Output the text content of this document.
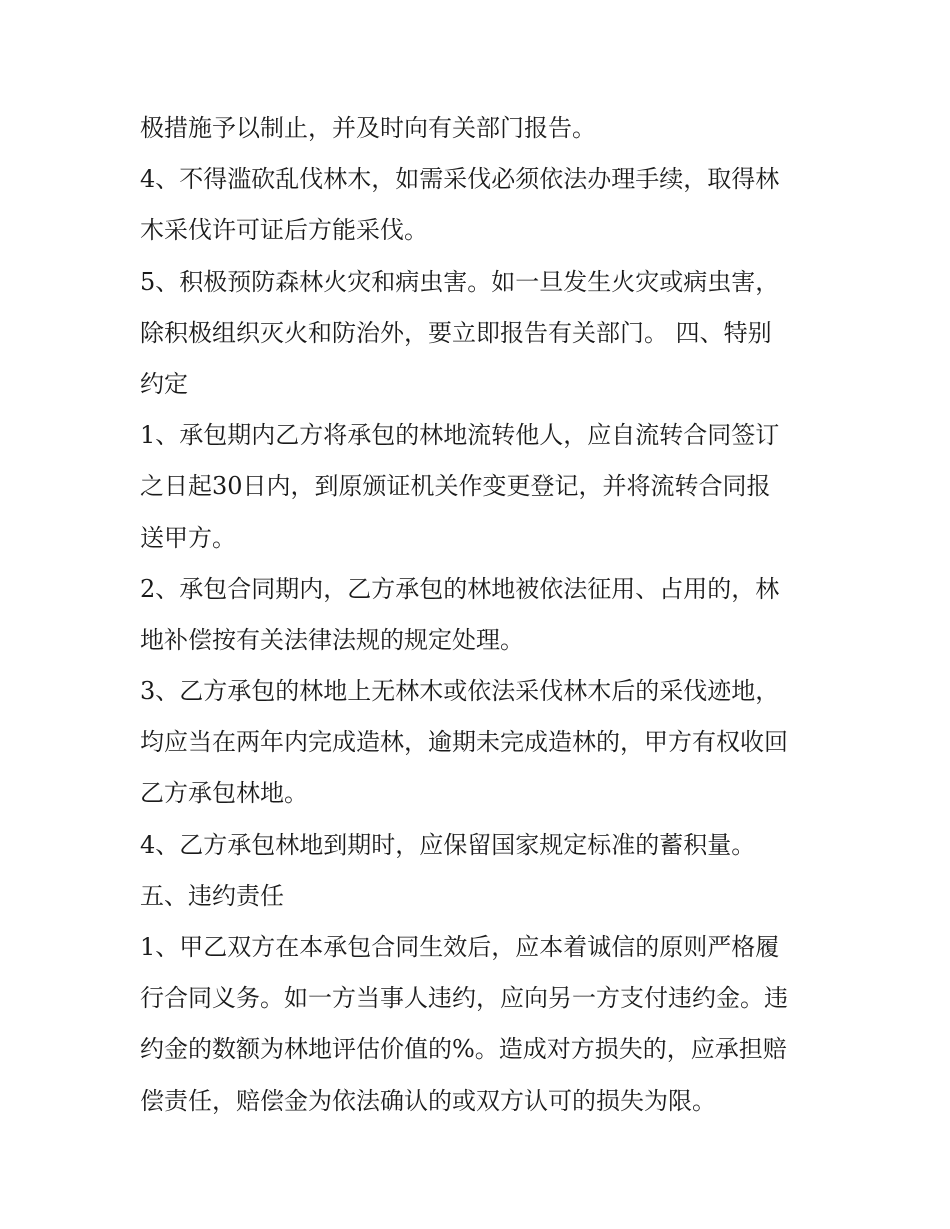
极措施予以制止，并及时向有关部门报告。
4、不得滥砍乱伐林木，如需采伐必须依法办理手续，取得林
木采伐许可证后方能采伐。
5、积极预防森林火灾和病虫害。如一旦发生火灾或病虫害，
除积极组织灭火和防治外，要立即报告有关部门。 四、特别
约定
1、承包期内乙方将承包的林地流转他人，应自流转合同签订
之日起30日内，到原颁证机关作变更登记，并将流转合同报
送甲方。
2、承包合同期内，乙方承包的林地被依法征用、占用的，林
地补偿按有关法律法规的规定处理。
3、乙方承包的林地上无林木或依法采伐林木后的采伐迹地，
均应当在两年内完成造林，逾期未完成造林的，甲方有权收回
乙方承包林地。
4、乙方承包林地到期时，应保留国家规定标准的蓄积量。
五、违约责任
1、甲乙双方在本承包合同生效后，应本着诚信的原则严格履
行合同义务。如一方当事人违约，应向另一方支付违约金。违
约金的数额为林地评估价值的%。造成对方损失的，应承担赔
偿责任，赔偿金为依法确认的或双方认可的损失为限。
